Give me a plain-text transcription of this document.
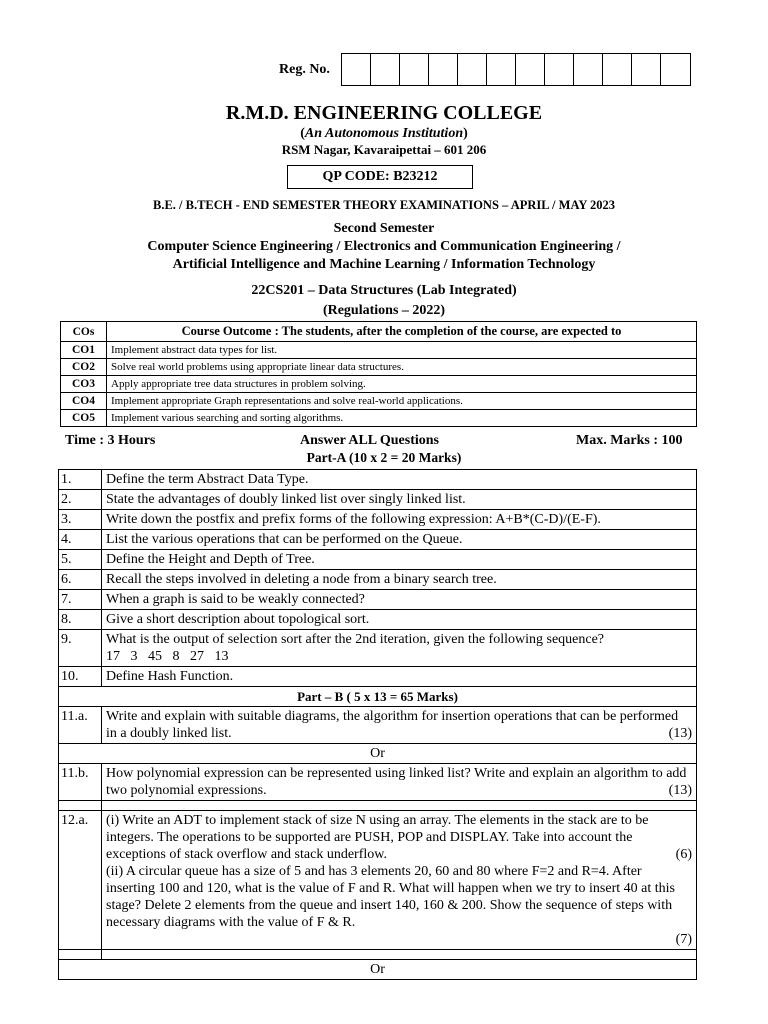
Reg. No.
R.M.D. ENGINEERING COLLEGE
(An Autonomous Institution)
RSM Nagar, Kavaraipettai – 601 206
QP CODE: B23212
B.E. / B.TECH - END SEMESTER THEORY EXAMINATIONS – APRIL / MAY 2023
Second Semester
Computer Science Engineering / Electronics and Communication Engineering /
Artificial Intelligence and Machine Learning / Information Technology
22CS201 – Data Structures (Lab Integrated)
(Regulations – 2022)
COs	Course Outcome : The students, after the completion of the course, are expected to
CO1	Implement abstract data types for list.
CO2	Solve real world problems using appropriate linear data structures.
CO3	Apply appropriate tree data structures in problem solving.
CO4	Implement appropriate Graph representations and solve real-world applications.
CO5	Implement various searching and sorting algorithms.
Time : 3 Hours	Answer ALL Questions	Max. Marks : 100
Part-A (10 x 2 = 20 Marks)
1.	Define the term Abstract Data Type.
2.	State the advantages of doubly linked list over singly linked list.
3.	Write down the postfix and prefix forms of the following expression: A+B*(C-D)/(E-F).
4.	List the various operations that can be performed on the Queue.
5.	Define the Height and Depth of Tree.
6.	Recall the steps involved in deleting a node from a binary search tree.
7.	When a graph is said to be weakly connected?
8.	Give a short description about topological sort.
9.	What is the output of selection sort after the 2nd iteration, given the following sequence?
17   3   45   8   27   13

10.	Define Hash Function.
Part – B ( 5 x 13 = 65 Marks)	
11.a.	Write and explain with suitable diagrams, the algorithm for insertion operations that can be performed in a doubly linked list. (13)

Or	
11.b.	How polynomial expression can be represented using linked list? Write and explain an algorithm to add two polynomial expressions. (13)

12.a.	(i) Write an ADT to implement stack of size N using an array. The elements in the stack are to be integers. The operations to be supported are PUSH, POP and DISPLAY. Take into account the exceptions of stack overflow and stack underflow. (6)
(ii) A circular queue has a size of 5 and has 3 elements 20, 60 and 80 where F=2 and R=4. After inserting 100 and 120, what is the value of F and R. What will happen when we try to insert 40 at this stage? Delete 2 elements from the queue and insert 140, 160 & 200. Show the sequence of steps with necessary diagrams with the value of F & R.
(7)

Or	
